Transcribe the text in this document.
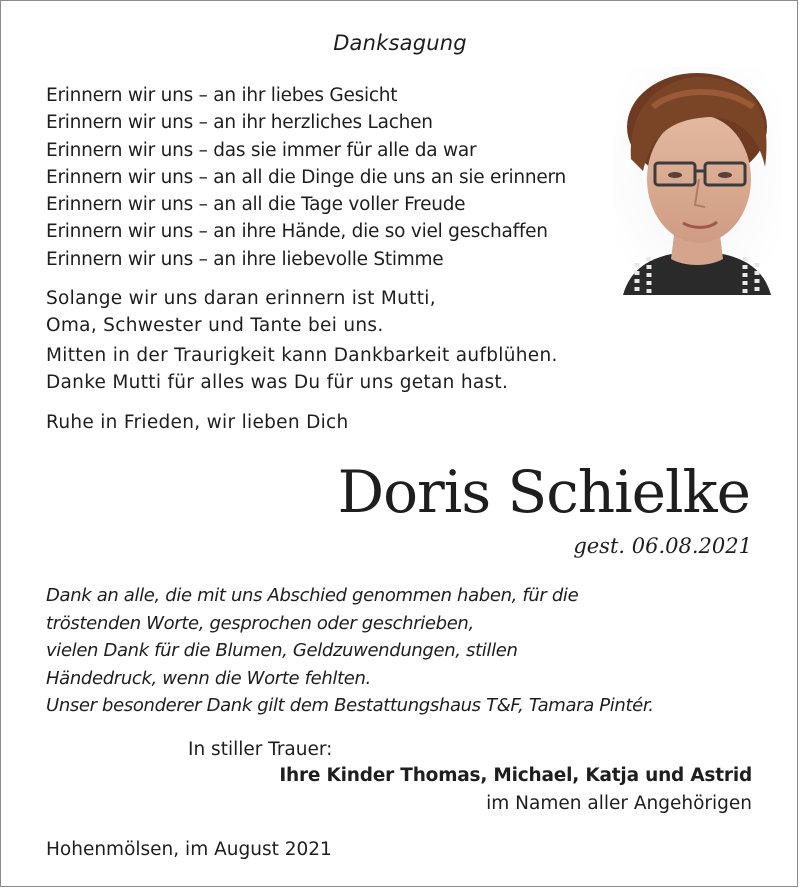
Danksagung
Erinnern wir uns – an ihr liebes Gesicht
Erinnern wir uns – an ihr herzliches Lachen
Erinnern wir uns – das sie immer für alle da war
Erinnern wir uns – an all die Dinge die uns an sie erinnern
Erinnern wir uns – an all die Tage voller Freude
Erinnern wir uns – an ihre Hände, die so viel geschaffen
Erinnern wir uns – an ihre liebevolle Stimme
Solange wir uns daran erinnern ist Mutti,
Oma, Schwester und Tante bei uns.
Mitten in der Traurigkeit kann Dankbarkeit aufblühen.
Danke Mutti für alles was Du für uns getan hast.
Ruhe in Frieden, wir lieben Dich
Doris Schielke
gest. 06.08.2021
Dank an alle, die mit uns Abschied genommen haben, für die
tröstenden Worte, gesprochen oder geschrieben,
vielen Dank für die Blumen, Geldzuwendungen, stillen
Händedruck, wenn die Worte fehlten.
Unser besonderer Dank gilt dem Bestattungshaus T&F, Tamara Pintér.
In stiller Trauer:
Ihre Kinder Thomas, Michael, Katja und Astrid
im Namen aller Angehörigen
Hohenmölsen, im August 2021
